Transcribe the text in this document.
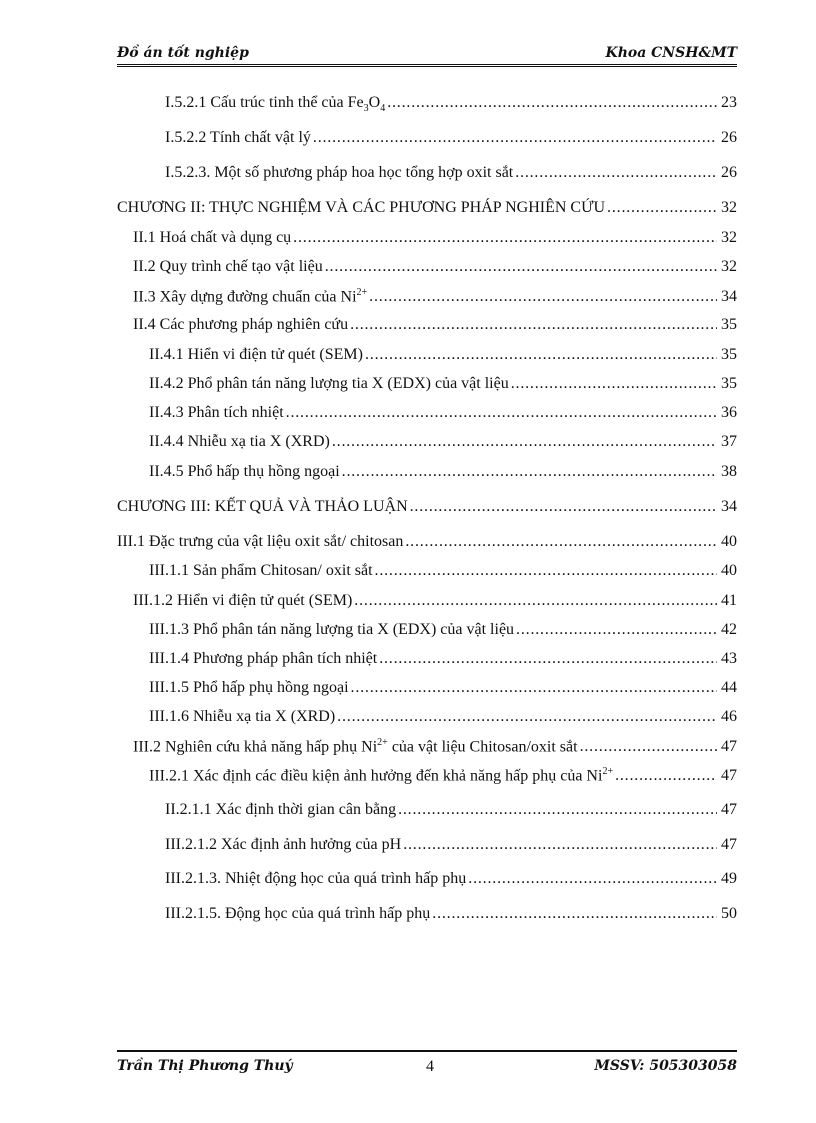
Đồ án tốt nghiệp	Khoa CNSH&MT
I.5.2.1 Cấu trúc tinh thể của $Fe_3O_4$ . . .	23
I.5.2.2 Tính chất vật lý . . .	26
I.5.2.3. Một số phương pháp hoa học tổng hợp oxit sắt . . .	26
CHƯƠNG II: THỰC NGHIỆM VÀ CÁC PHƯƠNG PHÁP NGHIÊN CỨU . . .	32
II.1 Hoá chất và dụng cụ . . .	32
II.2 Quy trình chế tạo vật liệu . . .	32
II.3 Xây dựng đường chuẩn của $Ni^{2+}$ . . .	34
II.4 Các phương pháp nghiên cứu . . .	35
II.4.1 Hiển vi điện tử quét (SEM) . . .	35
II.4.2 Phổ phân tán năng lượng tia X (EDX) của vật liệu . . .	35
II.4.3 Phân tích nhiệt . . .	36
II.4.4 Nhiễu xạ tia X (XRD) . . .	37
II.4.5 Phổ hấp thụ hồng ngoại . . .	38
CHƯƠNG III: KẾT QUẢ VÀ THẢO LUẬN . . .	34
III.1 Đặc trưng của vật liệu oxit sắt/ chitosan . . .	40
III.1.1 Sản phẩm Chitosan/ oxit sắt . . .	40
III.1.2 Hiển vi điện tử quét (SEM) . . .	41
III.1.3 Phổ phân tán năng lượng tia X (EDX) của vật liệu . . .	42
III.1.4 Phương pháp phân tích nhiệt . . .	43
III.1.5 Phổ hấp phụ hồng ngoại . . .	44
III.1.6 Nhiễu xạ tia X (XRD) . . .	46
III.2 Nghiên cứu khả năng hấp phụ $Ni^{2+}$ của vật liệu Chitosan/oxit sắt . . .	47
III.2.1 Xác định các điều kiện ảnh hưởng đến khả năng hấp phụ của $Ni^{2+}$ . . .	47
II.2.1.1 Xác định thời gian cân bằng . . .	47
III.2.1.2 Xác định ảnh hưởng của pH . . .	47
III.2.1.3. Nhiệt động học của quá trình hấp phụ . . .	49
III.2.1.5. Động học của quá trình hấp phụ . . .	50
Trần Thị Phương Thuý	4	MSSV: 505303058
